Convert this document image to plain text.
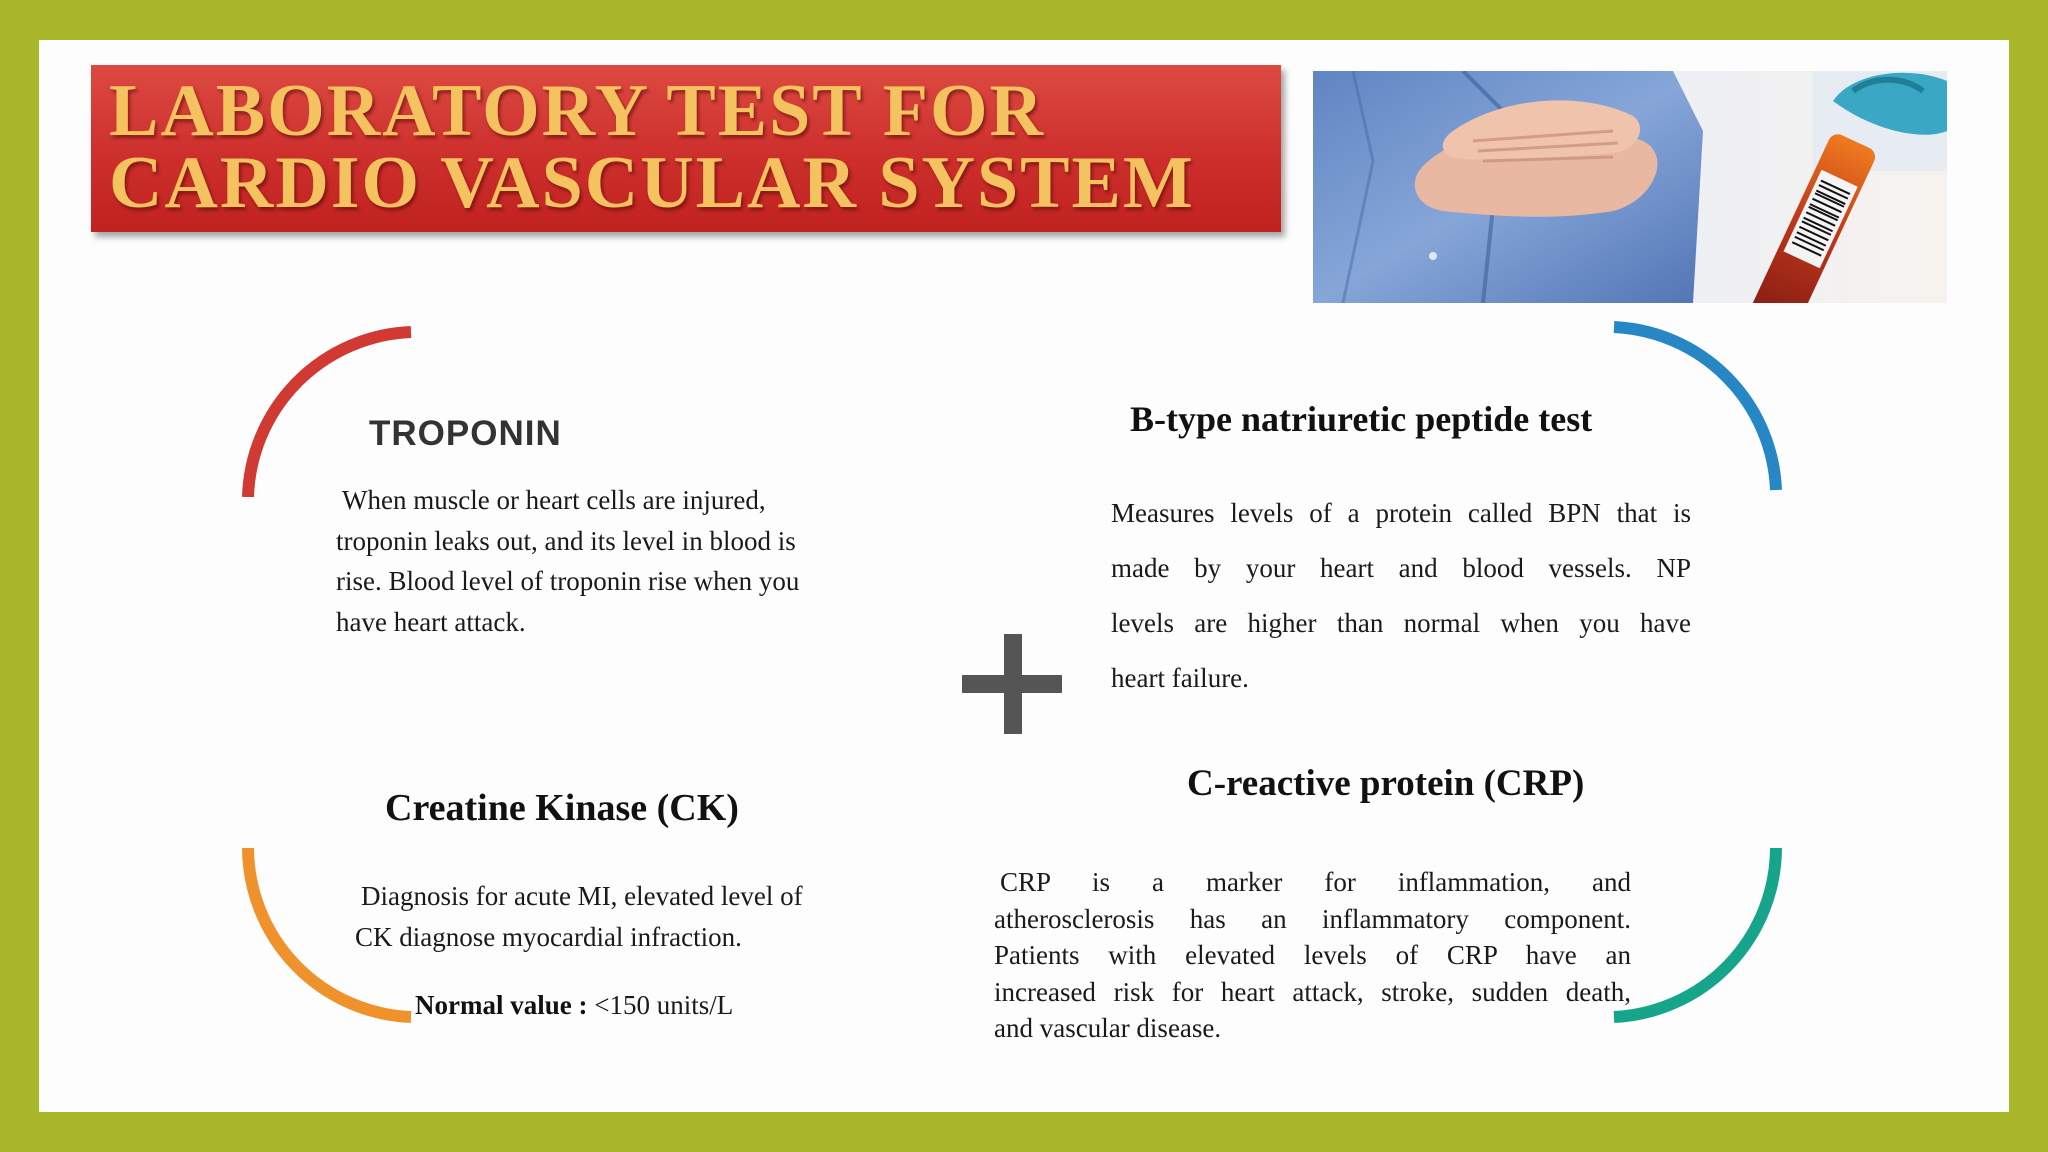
LABORATORY TEST FOR
CARDIO VASCULAR SYSTEM
TROPONIN
When muscle or heart cells are injured,
troponin leaks out, and its level in blood is
rise. Blood level of troponin rise when you
have heart attack.
B-type natriuretic peptide test
Measures levels of a protein called BPN that is
made by your heart and blood vessels. NP
levels are higher than normal when you have
heart failure.
Creatine Kinase (CK)
Diagnosis for acute MI, elevated level of
CK diagnose myocardial infraction.
Normal value : <150 units/L
C-reactive protein (CRP)
CRP is a marker for inflammation, and
atherosclerosis has an inflammatory component.
Patients with elevated levels of CRP have an
increased risk for heart attack, stroke, sudden death,
and vascular disease.
